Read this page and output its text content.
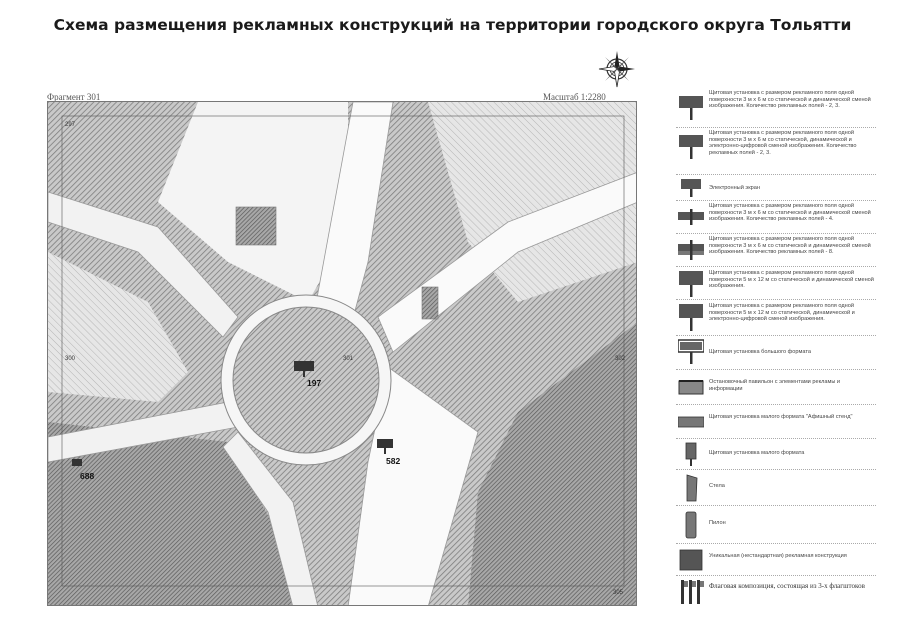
Схема размещения рекламных конструкций на территории городского округа Тольятти
Фрагмент 301	Масштаб 1:2280
297
300	302
301
305
197
582
688
Щитовая установка с размером рекламного поля одной поверхности 3 м х 6 м со статической и динамической сменой изображения. Количество рекламных полей - 2, 3.
Щитовая установка с размером рекламного поля одной поверхности 3 м х 6 м со статической, динамической и электронно-цифровой сменой изображения. Количество рекламных полей - 2, 3.
Электронный экран
Щитовая установка с размером рекламного поля одной поверхности 3 м х 6 м со статической и динамической сменой изображения. Количество рекламных полей - 4.
Щитовая установка с размером рекламного поля одной поверхности 3 м х 6 м со статической и динамической сменой изображения. Количество рекламных полей - 8.
Щитовая установка с размером рекламного поля одной поверхности 5 м х 12 м со статической и динамической сменой изображения.
Щитовая установка с размером рекламного поля одной поверхности 5 м х 12 м со статической, динамической и электронно-цифровой сменой изображения.
Щитовая установка большого формата
Остановочный павильон с элементами рекламы и информации
Щитовая установка малого формата "Афишный стенд"
Щитовая установка малого формата
Стела
Пилон
Уникальная (нестандартная) рекламная конструкция
Флаговая композиция, состоящая из 3-х флагштоков
